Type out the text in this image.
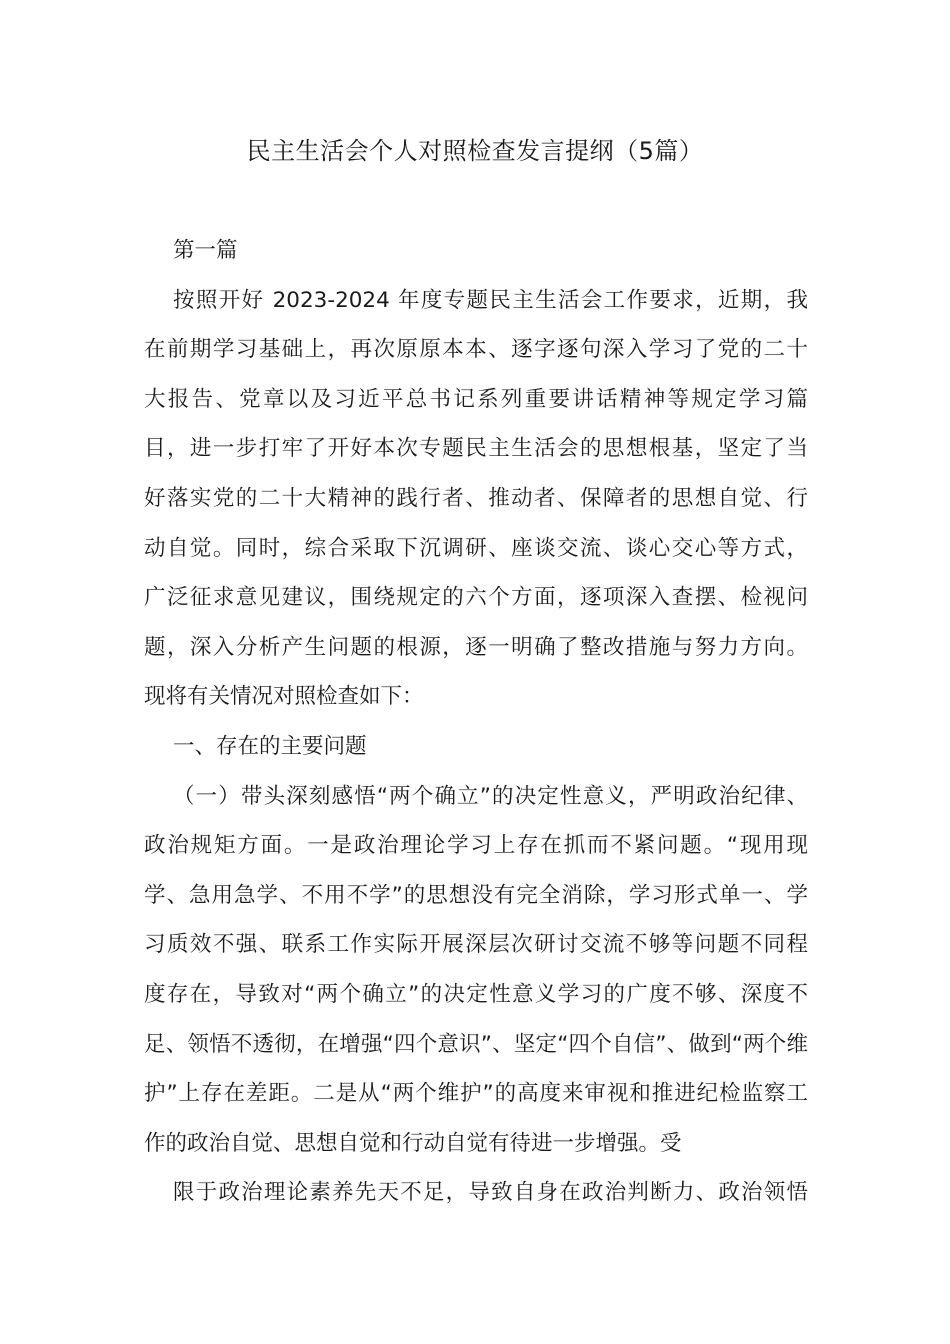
民主生活会个人对照检查发言提纲（5篇）
第一篇
按照开好 2023-2024 年度专题民主生活会工作要求，近期，我
在前期学习基础上，再次原原本本、逐字逐句深入学习了党的二十
大报告、党章以及习近平总书记系列重要讲话精神等规定学习篇
目，进一步打牢了开好本次专题民主生活会的思想根基，坚定了当
好落实党的二十大精神的践行者、推动者、保障者的思想自觉、行
动自觉。同时，综合采取下沉调研、座谈交流、谈心交心等方式，
广泛征求意见建议，围绕规定的六个方面，逐项深入查摆、检视问
题，深入分析产生问题的根源，逐一明确了整改措施与努力方向。
现将有关情况对照检查如下：
一、存在的主要问题
（一）带头深刻感悟“两个确立”的决定性意义，严明政治纪律、
政治规矩方面。一是政治理论学习上存在抓而不紧问题。“现用现
学、急用急学、不用不学”的思想没有完全消除，学习形式单一、学
习质效不强、联系工作实际开展深层次研讨交流不够等问题不同程
度存在，导致对“两个确立”的决定性意义学习的广度不够、深度不
足、领悟不透彻，在增强“四个意识”、坚定“四个自信”、做到“两个维
护”上存在差距。二是从“两个维护”的高度来审视和推进纪检监察工
作的政治自觉、思想自觉和行动自觉有待进一步增强。受
限于政治理论素养先天不足，导致自身在政治判断力、政治领悟
